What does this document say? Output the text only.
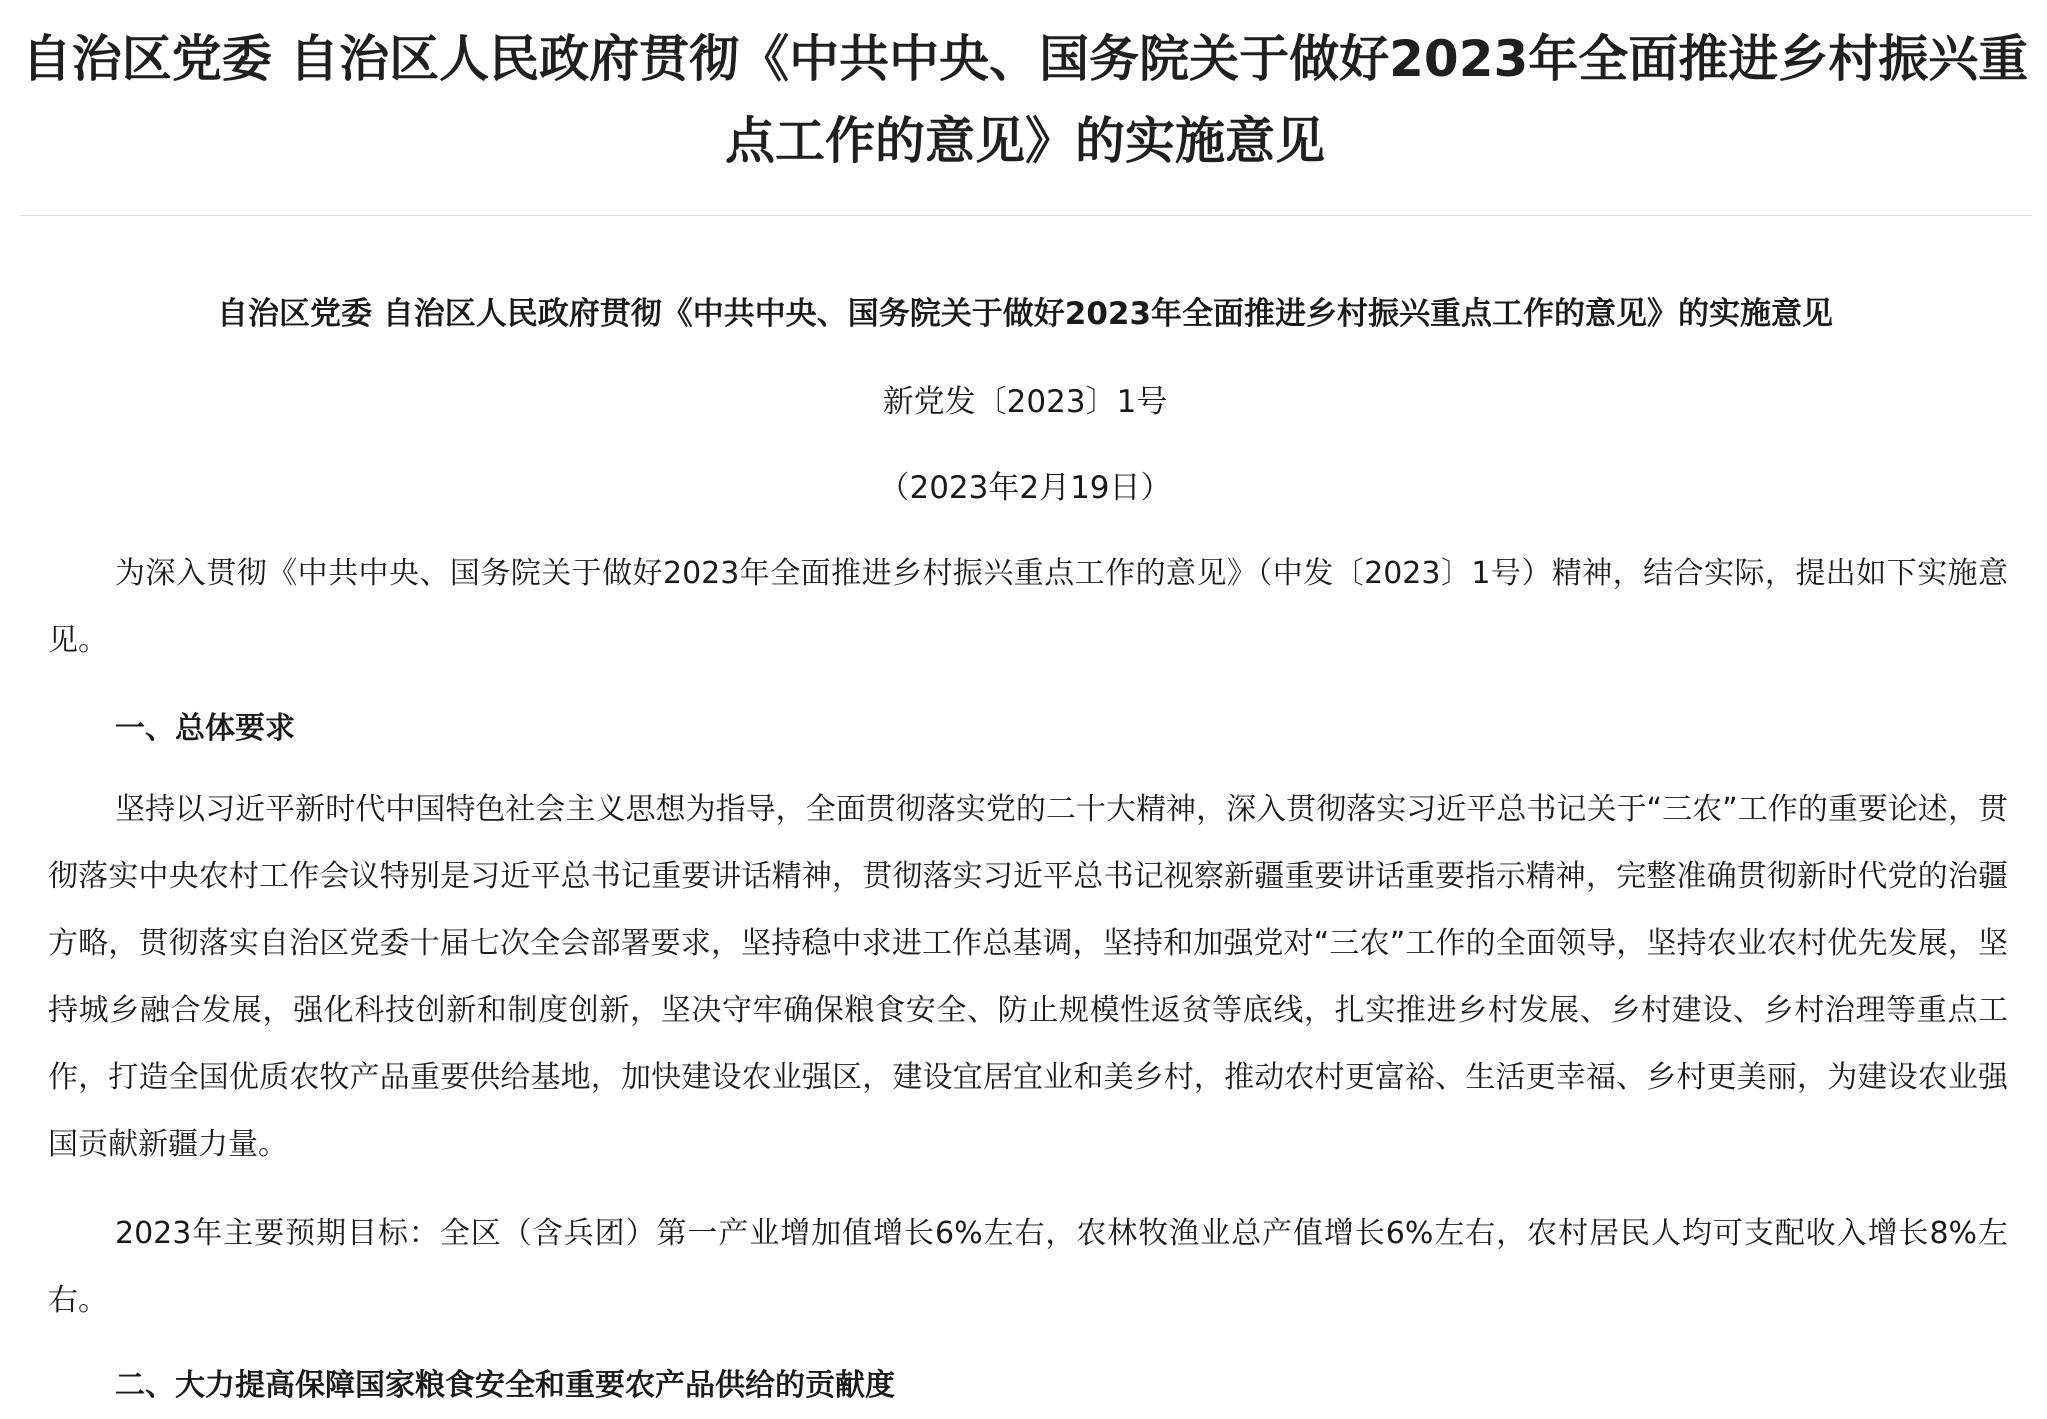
自治区党委 自治区人民政府贯彻《中共中央、国务院关于做好2023年全面推进乡村振兴重点工作的意见》的实施意见
自治区党委 自治区人民政府贯彻《中共中央、国务院关于做好2023年全面推进乡村振兴重点工作的意见》的实施意见
新党发〔2023〕1号
（2023年2月19日）

为深入贯彻《中共中央、国务院关于做好2023年全面推进乡村振兴重点工作的意见》（中发〔2023〕1号）精神，结合实际，提出如下实施意见。

一、总体要求

坚持以习近平新时代中国特色社会主义思想为指导，全面贯彻落实党的二十大精神，深入贯彻落实习近平总书记关于“三农”工作的重要论述，贯彻落实中央农村工作会议特别是习近平总书记重要讲话精神，贯彻落实习近平总书记视察新疆重要讲话重要指示精神，完整准确贯彻新时代党的治疆方略，贯彻落实自治区党委十届七次全会部署要求，坚持稳中求进工作总基调，坚持和加强党对“三农”工作的全面领导，坚持农业农村优先发展，坚持城乡融合发展，强化科技创新和制度创新，坚决守牢确保粮食安全、防止规模性返贫等底线，扎实推进乡村发展、乡村建设、乡村治理等重点工作，打造全国优质农牧产品重要供给基地，加快建设农业强区，建设宜居宜业和美乡村，推动农村更富裕、生活更幸福、乡村更美丽，为建设农业强国贡献新疆力量。

2023年主要预期目标：全区（含兵团）第一产业增加值增长6%左右，农林牧渔业总产值增长6%左右，农村居民人均可支配收入增长8%左右。

二、大力提高保障国家粮食安全和重要农产品供给的贡献度
